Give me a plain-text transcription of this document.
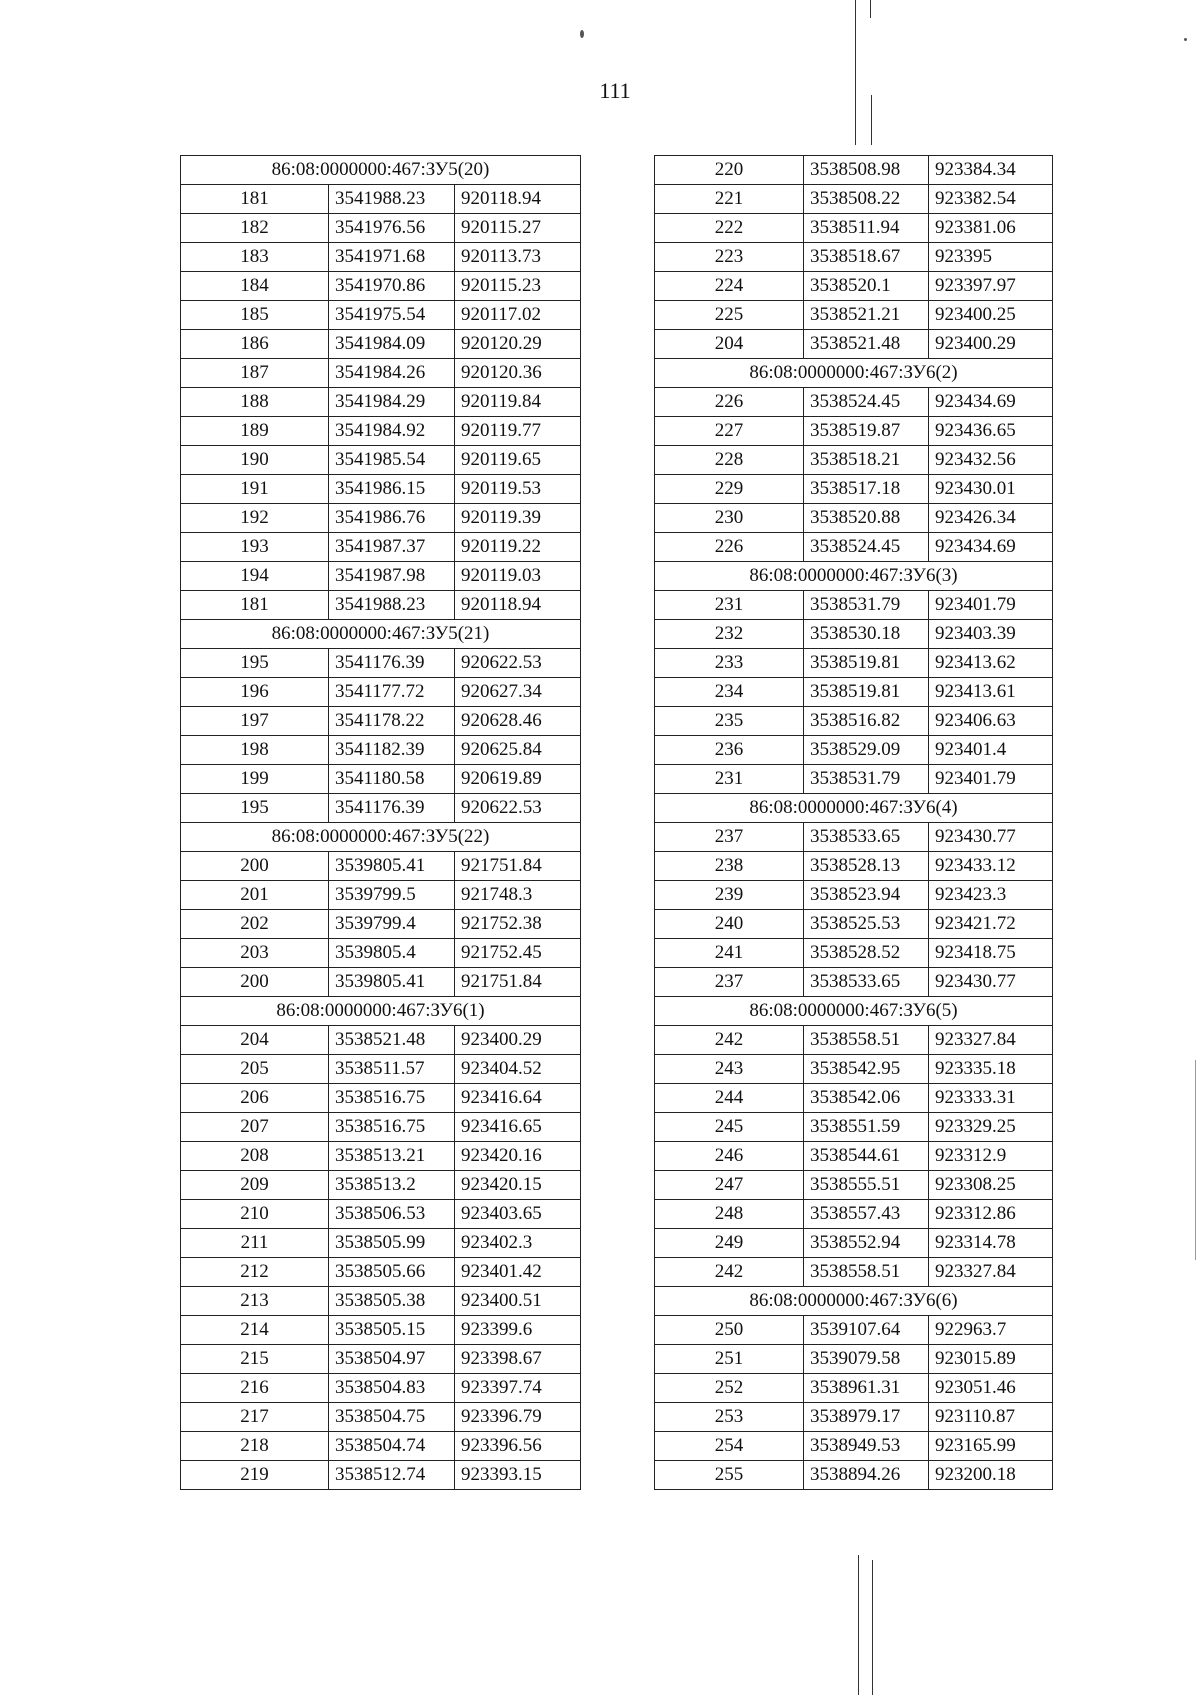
111
86:08:0000000:467:ЗУ5(20)		
181	3541988.23	920118.94
182	3541976.56	920115.27
183	3541971.68	920113.73
184	3541970.86	920115.23
185	3541975.54	920117.02
186	3541984.09	920120.29
187	3541984.26	920120.36
188	3541984.29	920119.84
189	3541984.92	920119.77
190	3541985.54	920119.65
191	3541986.15	920119.53
192	3541986.76	920119.39
193	3541987.37	920119.22
194	3541987.98	920119.03
181	3541988.23	920118.94
86:08:0000000:467:ЗУ5(21)		
195	3541176.39	920622.53
196	3541177.72	920627.34
197	3541178.22	920628.46
198	3541182.39	920625.84
199	3541180.58	920619.89
195	3541176.39	920622.53
86:08:0000000:467:ЗУ5(22)		
200	3539805.41	921751.84
201	3539799.5	921748.3
202	3539799.4	921752.38
203	3539805.4	921752.45
200	3539805.41	921751.84
86:08:0000000:467:ЗУ6(1)		
204	3538521.48	923400.29
205	3538511.57	923404.52
206	3538516.75	923416.64
207	3538516.75	923416.65
208	3538513.21	923420.16
209	3538513.2	923420.15
210	3538506.53	923403.65
211	3538505.99	923402.3
212	3538505.66	923401.42
213	3538505.38	923400.51
214	3538505.15	923399.6
215	3538504.97	923398.67
216	3538504.83	923397.74
217	3538504.75	923396.79
218	3538504.74	923396.56
219	3538512.74	923393.15
220	3538508.98	923384.34
221	3538508.22	923382.54
222	3538511.94	923381.06
223	3538518.67	923395
224	3538520.1	923397.97
225	3538521.21	923400.25
204	3538521.48	923400.29
86:08:0000000:467:ЗУ6(2)		
226	3538524.45	923434.69
227	3538519.87	923436.65
228	3538518.21	923432.56
229	3538517.18	923430.01
230	3538520.88	923426.34
226	3538524.45	923434.69
86:08:0000000:467:ЗУ6(3)		
231	3538531.79	923401.79
232	3538530.18	923403.39
233	3538519.81	923413.62
234	3538519.81	923413.61
235	3538516.82	923406.63
236	3538529.09	923401.4
231	3538531.79	923401.79
86:08:0000000:467:ЗУ6(4)		
237	3538533.65	923430.77
238	3538528.13	923433.12
239	3538523.94	923423.3
240	3538525.53	923421.72
241	3538528.52	923418.75
237	3538533.65	923430.77
86:08:0000000:467:ЗУ6(5)		
242	3538558.51	923327.84
243	3538542.95	923335.18
244	3538542.06	923333.31
245	3538551.59	923329.25
246	3538544.61	923312.9
247	3538555.51	923308.25
248	3538557.43	923312.86
249	3538552.94	923314.78
242	3538558.51	923327.84
86:08:0000000:467:ЗУ6(6)		
250	3539107.64	922963.7
251	3539079.58	923015.89
252	3538961.31	923051.46
253	3538979.17	923110.87
254	3538949.53	923165.99
255	3538894.26	923200.18
